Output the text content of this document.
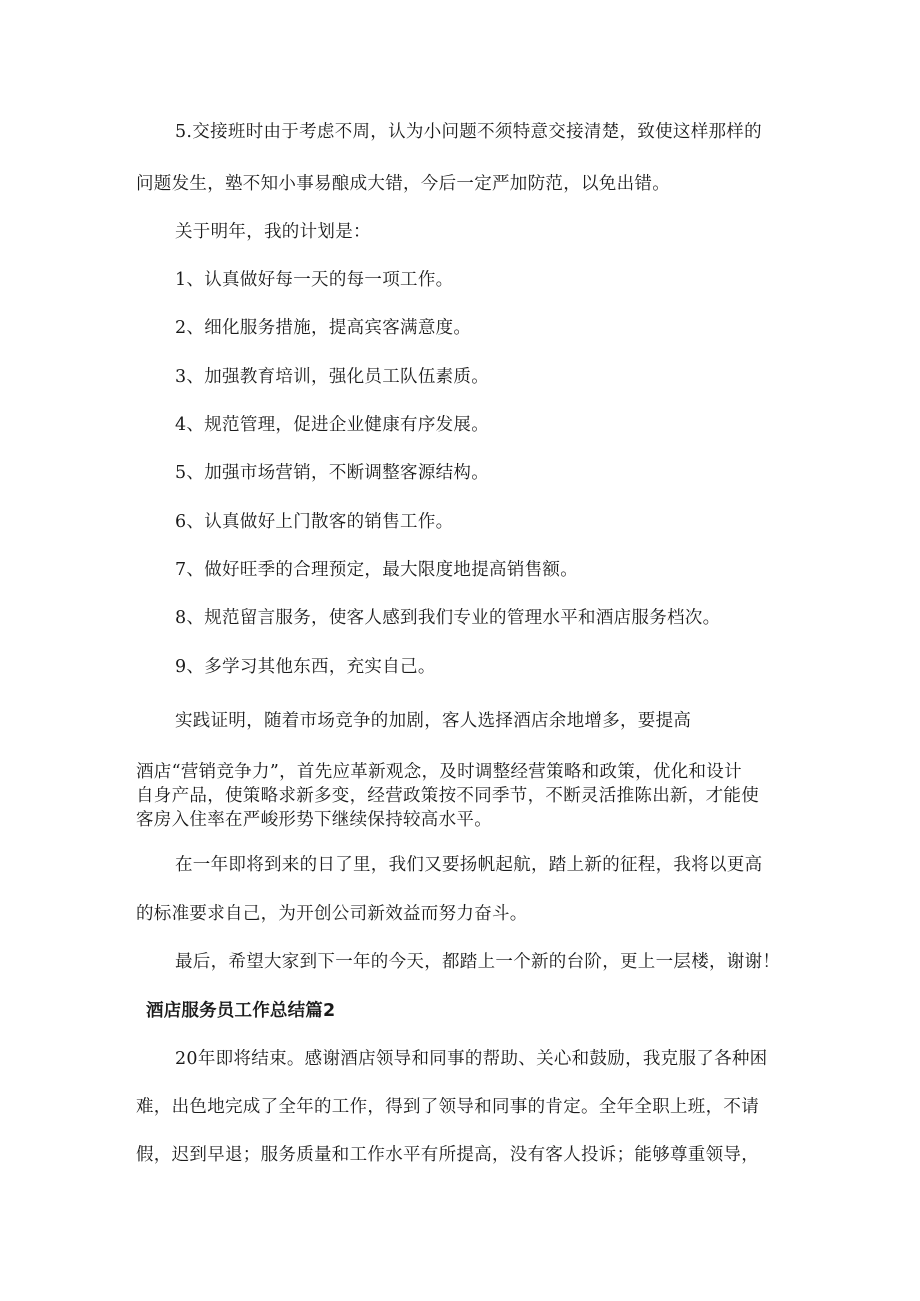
5.交接班时由于考虑不周，认为小问题不须特意交接清楚，致使这样那样的
问题发生，塾不知小事易酿成大错，今后一定严加防范，以免出错。
关于明年，我的计划是：
1、认真做好每一天的每一项工作。
2、细化服务措施，提高宾客满意度。
3、加强教育培训，强化员工队伍素质。
4、规范管理，促进企业健康有序发展。
5、加强市场营销，不断调整客源结构。
6、认真做好上门散客的销售工作。
7、做好旺季的合理预定，最大限度地提高销售额。
8、规范留言服务，使客人感到我们专业的管理水平和酒店服务档次。
9、多学习其他东西，充实自己。
实践证明，随着市场竞争的加剧，客人选择酒店余地增多，要提高
酒店“营销竞争力”，首先应革新观念，及时调整经营策略和政策，优化和设计
自身产品，使策略求新多变，经营政策按不同季节，不断灵活推陈出新，才能使
客房入住率在严峻形势下继续保持较高水平。
在一年即将到来的日了里，我们又要扬帆起航，踏上新的征程，我将以更高
的标准要求自己，为开创公司新效益而努力奋斗。
最后，希望大家到下一年的今天，都踏上一个新的台阶，更上一层楼，谢谢！
酒店服务员工作总结篇2
20年即将结束。感谢酒店领导和同事的帮助、关心和鼓励，我克服了各种困
难，出色地完成了全年的工作，得到了领导和同事的肯定。全年全职上班，不请
假，迟到早退；服务质量和工作水平有所提高，没有客人投诉；能够尊重领导，
